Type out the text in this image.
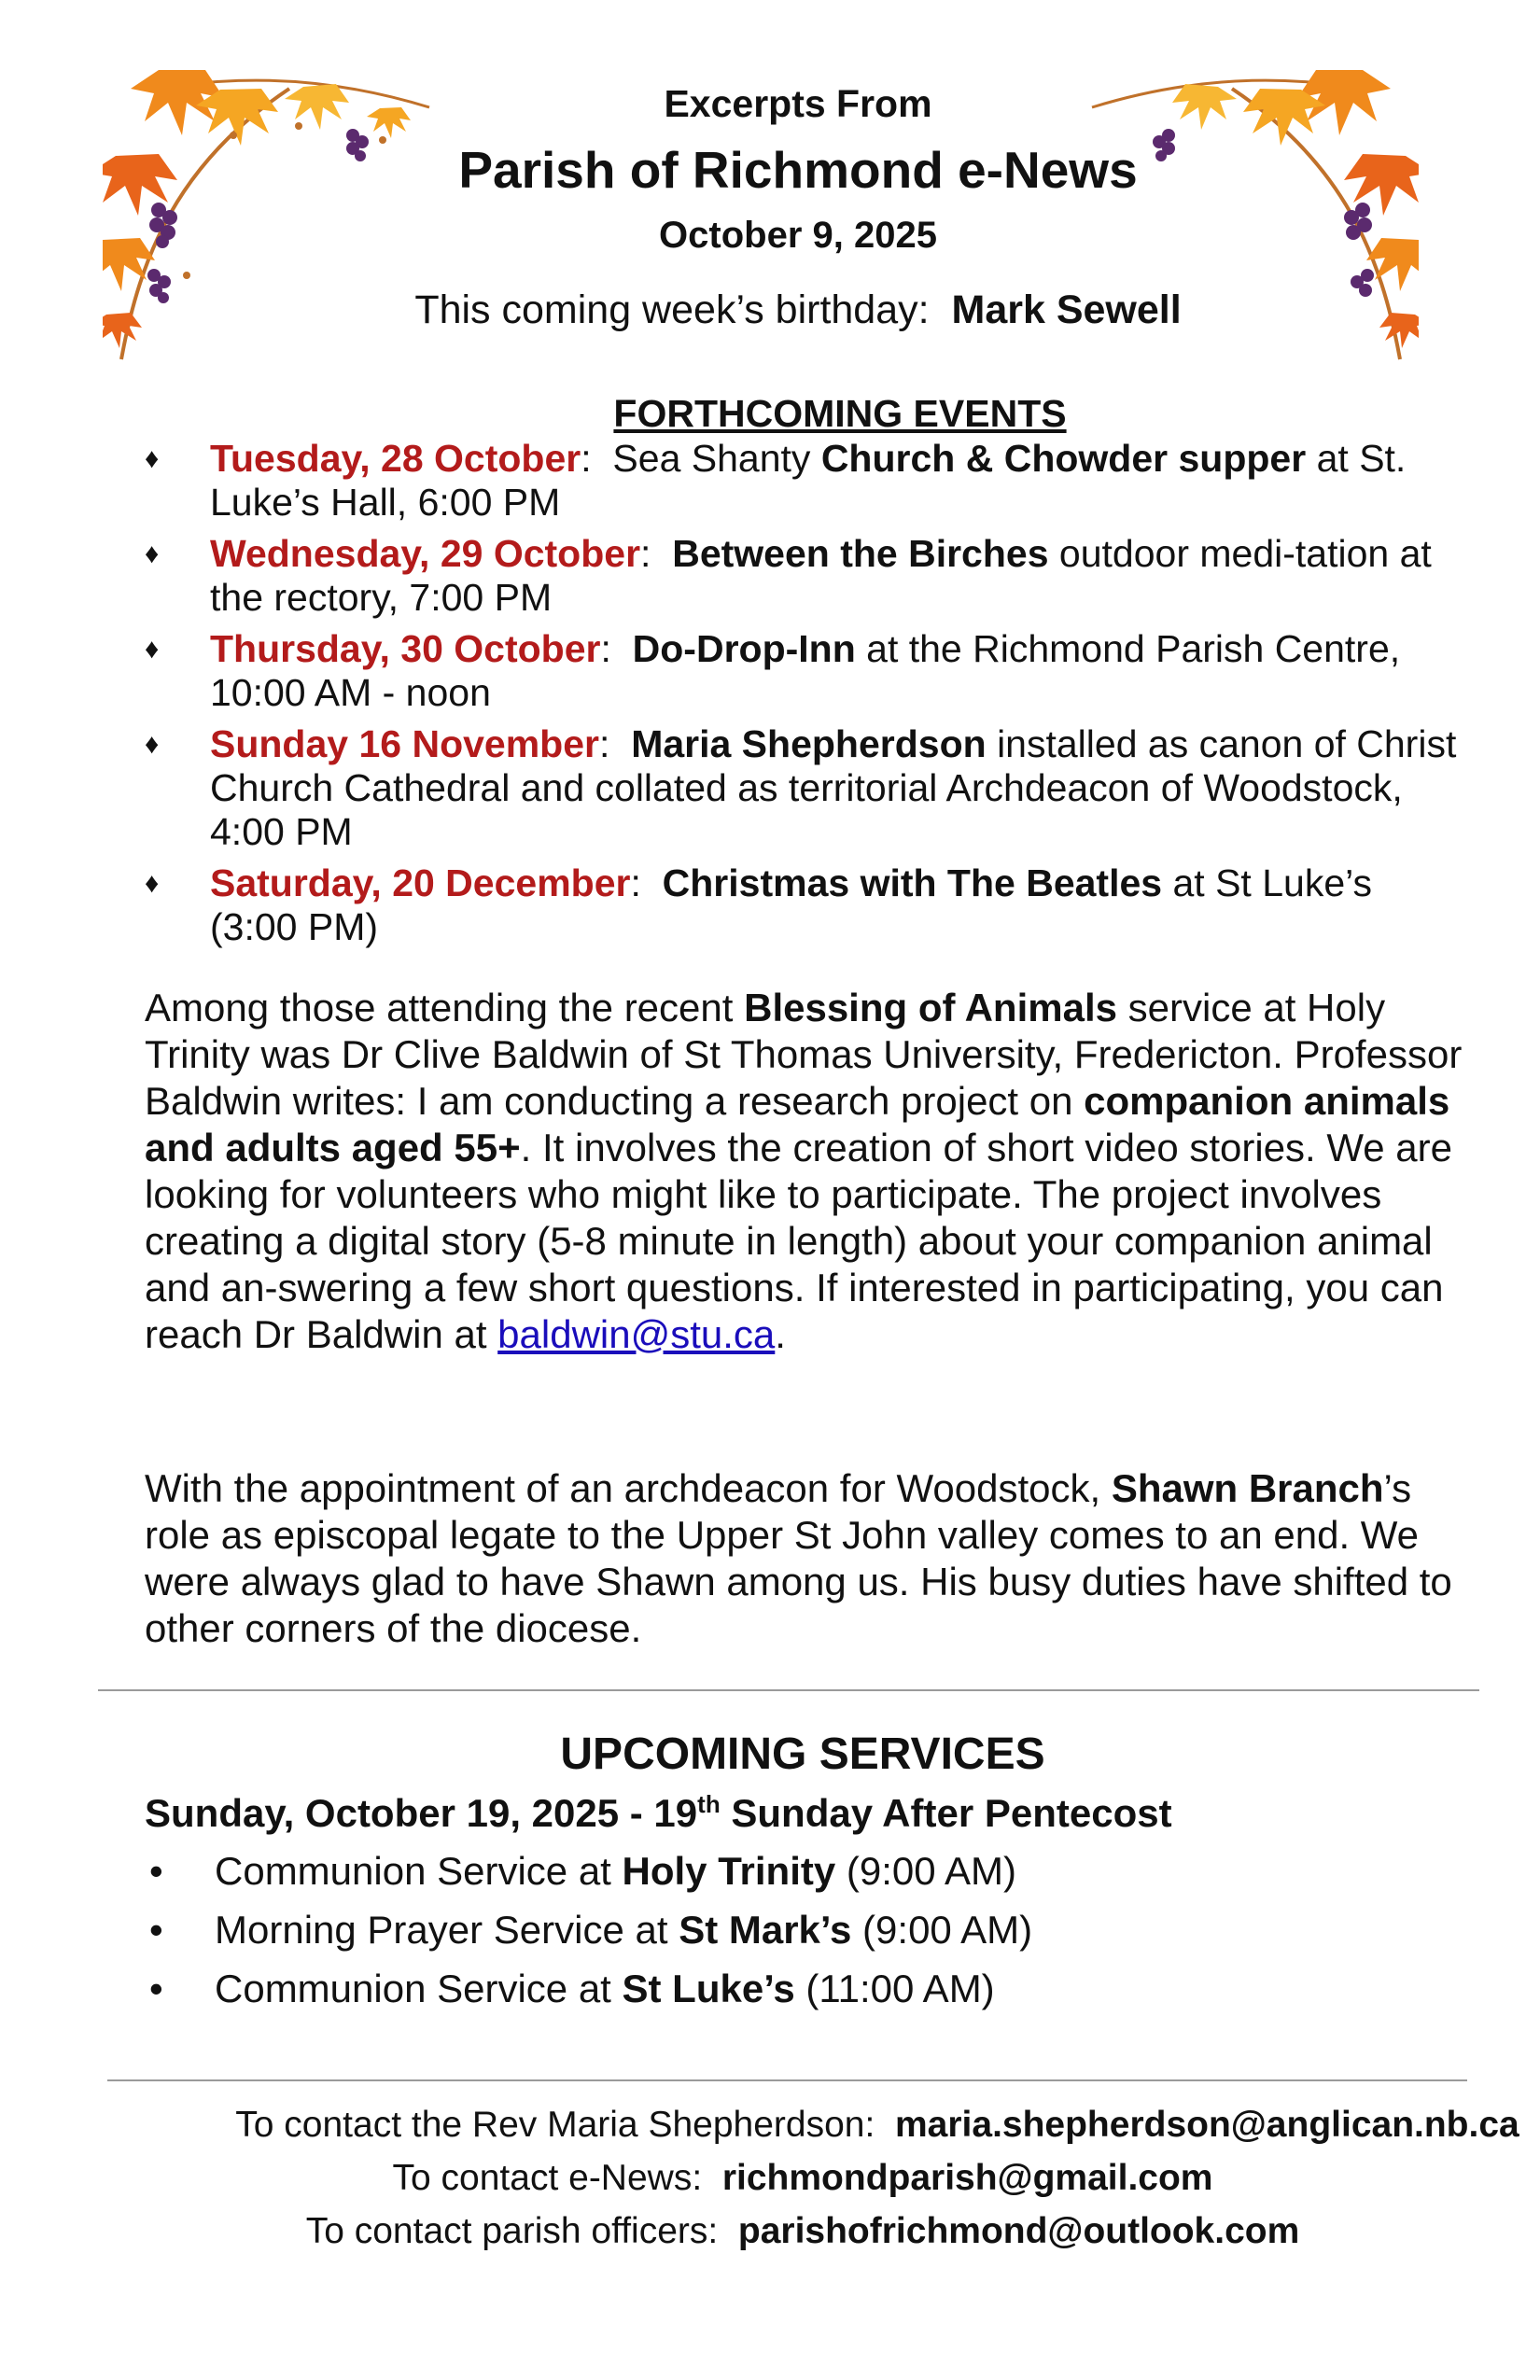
Excerpts From
Parish of Richmond e-News
October 9, 2025
This coming week’s birthday: Mark Sewell
FORTHCOMING EVENTS
♦ Tuesday, 28 October:  Sea Shanty Church & Chowder supper at St. Luke’s Hall, 6:00 PM
♦ Wednesday, 29 October:  Between the Birches outdoor medi-tation at the rectory, 7:00 PM
♦ Thursday, 30 October:  Do-Drop-Inn at the Richmond Parish Centre, 10:00 AM - noon
♦ Sunday 16 November:  Maria Shepherdson installed as canon of Christ Church Cathedral and collated as territorial Archdeacon of Woodstock, 4:00 PM
♦ Saturday, 20 December:  Christmas with The Beatles at St Luke’s (3:00 PM)
Among those attending the recent Blessing of Animals service at Holy Trinity was Dr Clive Baldwin of St Thomas University, Fredericton. Professor Baldwin writes: I am conducting a research project on companion animals and adults aged 55+. It involves the creation of short video stories. We are looking for volunteers who might like to participate. The project involves creating a digital story (5-8 minute in length) about your companion animal and an-swering a few short questions. If interested in participating, you can reach Dr Baldwin at baldwin@stu.ca.
With the appointment of an archdeacon for Woodstock, Shawn Branch’s role as episcopal legate to the Upper St John valley comes to an end. We were always glad to have Shawn among us. His busy duties have shifted to other corners of the diocese.
UPCOMING SERVICES
Sunday, October 19, 2025 - 19th Sunday After Pentecost
• Communion Service at Holy Trinity (9:00 AM)
• Morning Prayer Service at St Mark’s (9:00 AM)
• Communion Service at St Luke’s (11:00 AM)
To contact the Rev Maria Shepherdson: maria.shepherdson@anglican.nb.ca
To contact e-News: richmondparish@gmail.com
To contact parish officers: parishofrichmond@outlook.com
